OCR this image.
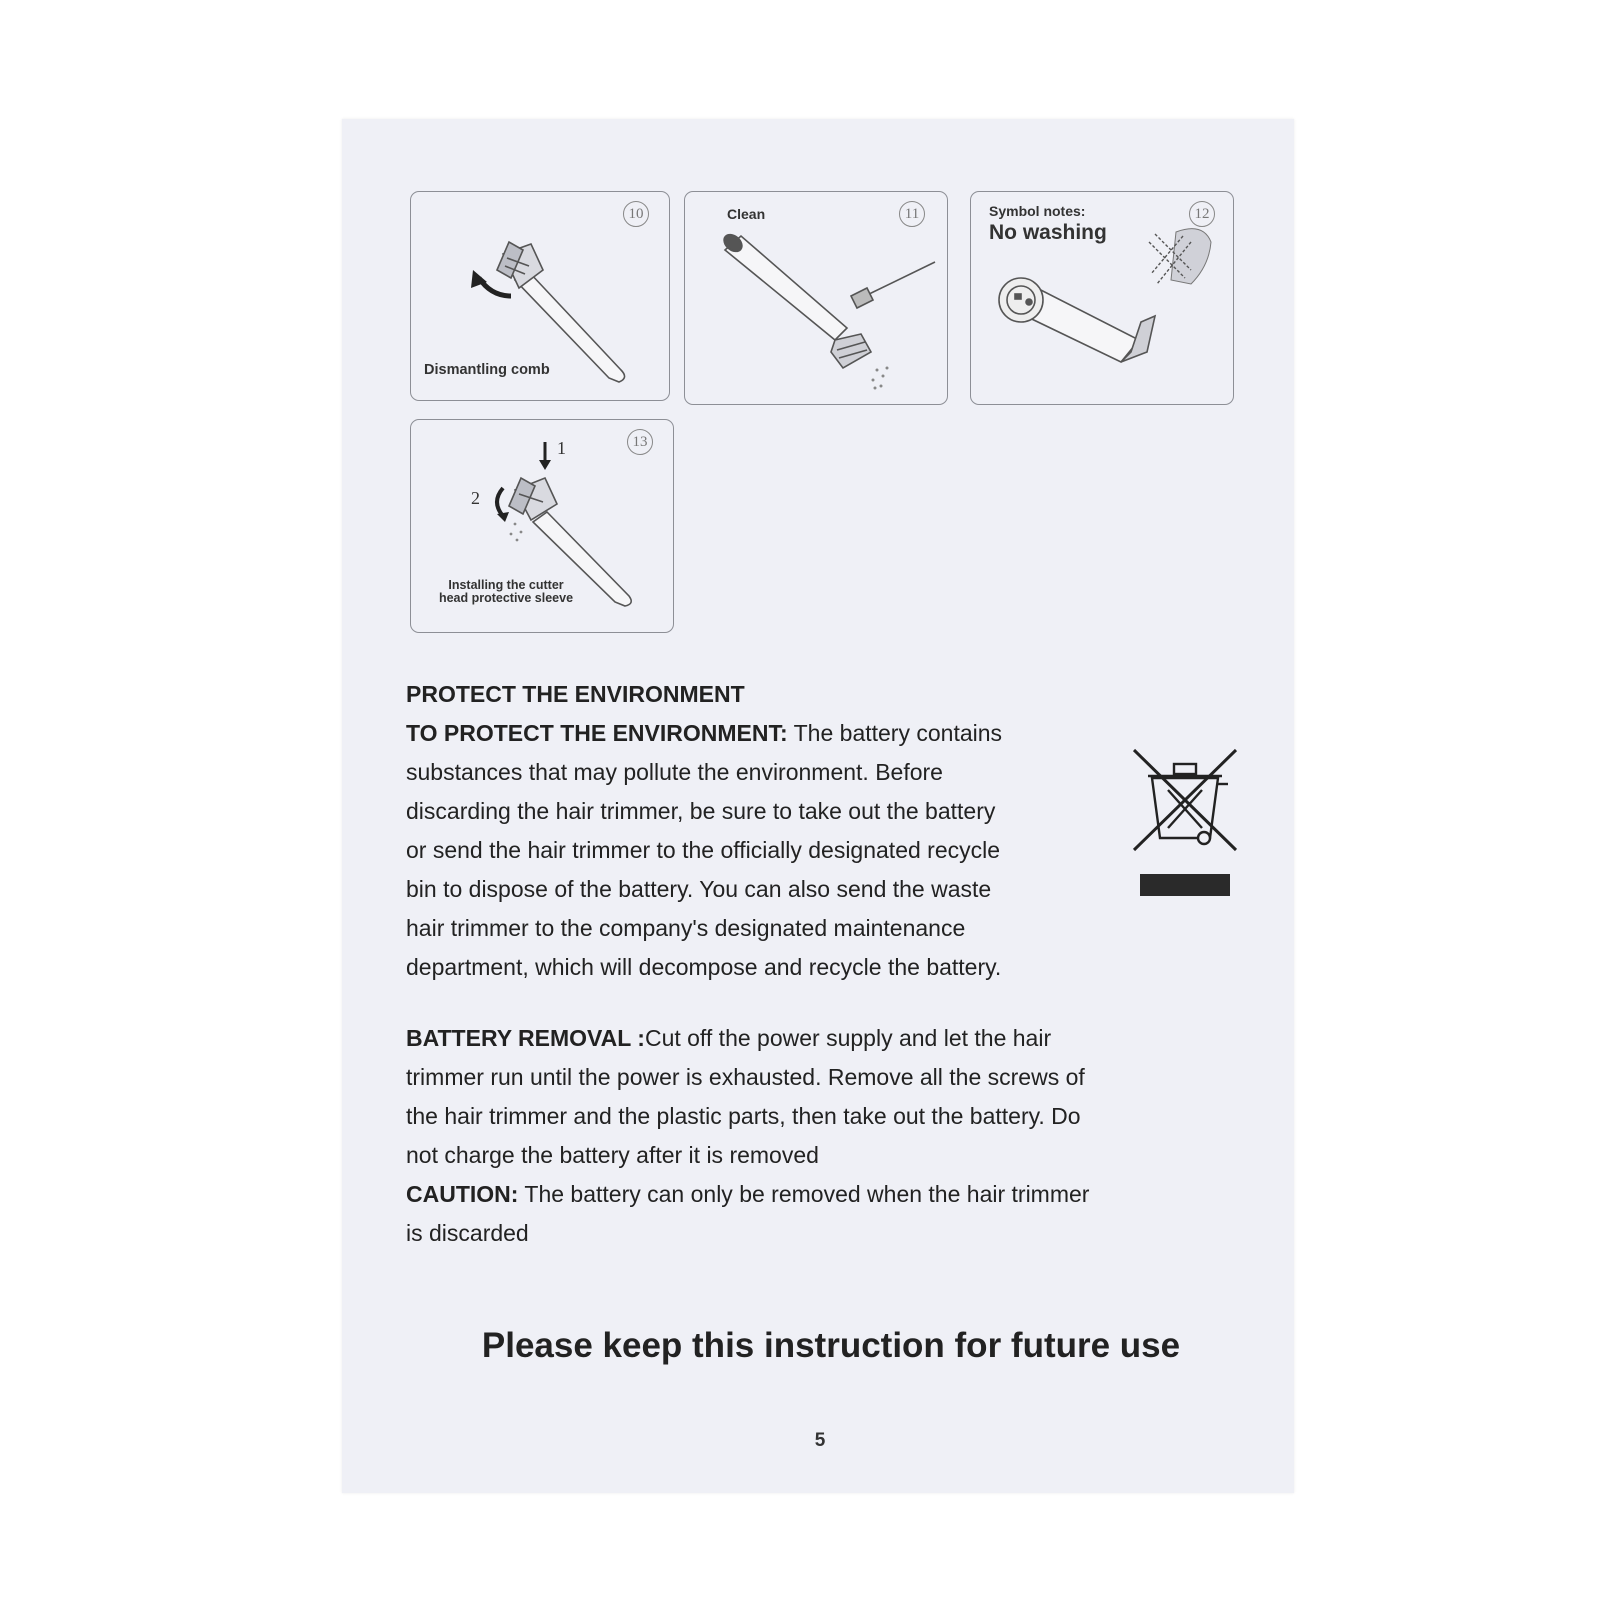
10
Dismantling comb
Clean	11	Symbol notes:
No washing
12
13
1
2
Installing the cutter
head protective sleeve

PROTECT THE ENVIRONMENT

TO PROTECT THE ENVIRONMENT: The battery contains

substances that may pollute the environment. Before

discarding the hair trimmer, be sure to take out the battery

or send the hair trimmer to the officially designated recycle

bin to dispose of the battery. You can also send the waste

hair trimmer to the company's designated maintenance

department, which will decompose and recycle the battery.

BATTERY REMOVAL :Cut off the power supply and let the hair

trimmer run until the power is exhausted. Remove all the screws of

the hair trimmer and the plastic parts, then take out the battery. Do

not charge the battery after it is removed

CAUTION: The battery can only be removed when the hair trimmer

is discarded

Please keep this instruction for future use
5
